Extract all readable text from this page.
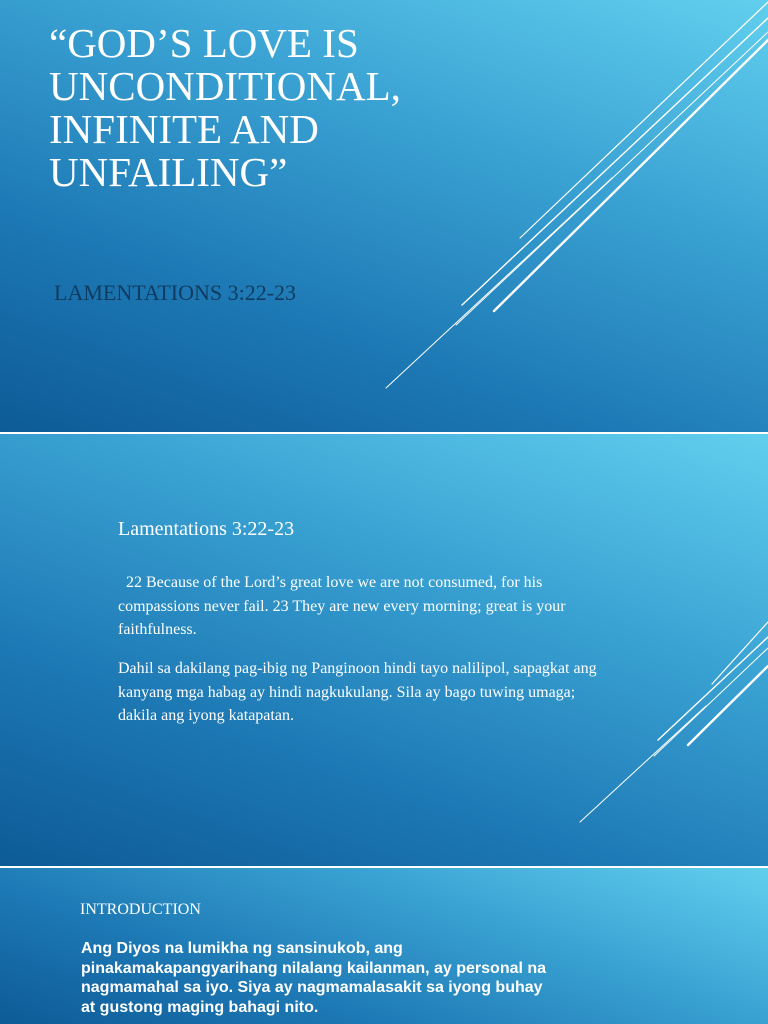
“GOD’S LOVE IS UNCONDITIONAL, INFINITE AND UNFAILING”

LAMENTATIONS 3:22-23

Lamentations 3:22-23

22 Because of the Lord’s great love we are not consumed, for his compassions never fail. 23 They are new every morning; great is your faithfulness.

Dahil sa dakilang pag-ibig ng Panginoon hindi tayo nalilipol, sapagkat ang kanyang mga habag ay hindi nagkukulang. Sila ay bago tuwing umaga; dakila ang iyong katapatan.

INTRODUCTION

Ang Diyos na lumikha ng sansinukob, ang pinakamakapangyarihang nilalang kailanman, ay personal na nagmamahal sa iyo. Siya ay nagmamalasakit sa iyong buhay at gustong maging bahagi nito.
